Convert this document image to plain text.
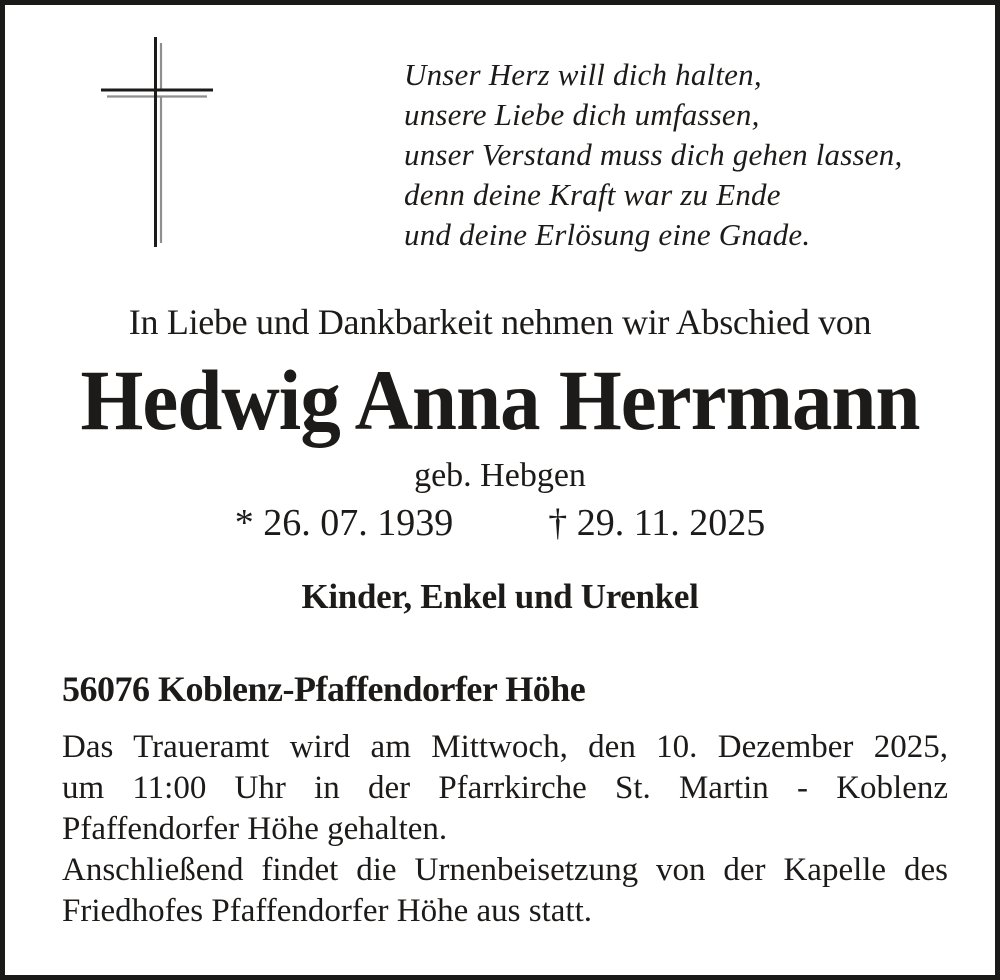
Unser Herz will dich halten,
unsere Liebe dich umfassen,
unser Verstand muss dich gehen lassen,
denn deine Kraft war zu Ende
und deine Erlösung eine Gnade.
In Liebe und Dankbarkeit nehmen wir Abschied von
Hedwig Anna Herrmann
geb. Hebgen
* 26. 07. 1939	† 29. 11. 2025
Kinder, Enkel und Urenkel
56076 Koblenz-Pfaffendorfer Höhe
Das Traueramt wird am Mittwoch, den 10. Dezember 2025,
um 11:00 Uhr in der Pfarrkirche St. Martin - Koblenz
Pfaffendorfer Höhe gehalten.
Anschließend findet die Urnenbeisetzung von der Kapelle des
Friedhofes Pfaffendorfer Höhe aus statt.
